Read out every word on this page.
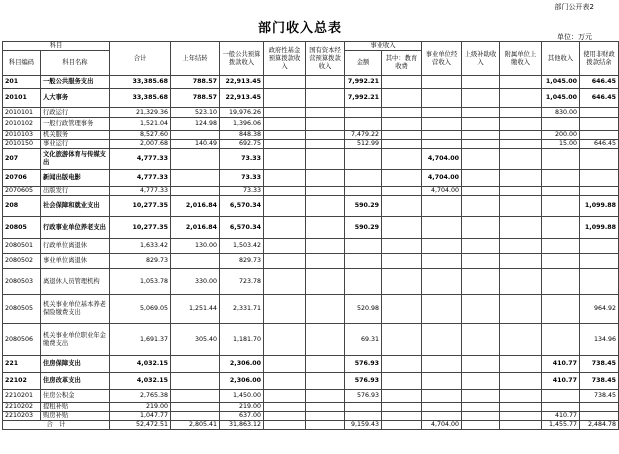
部门公开表2
部门收入总表
单位：万元
科目		合计	上年结转	一般公共预算拨款收入	政府性基金预算拨款收入	国有资本经营预算拨款收入	事业收入		事业单位经营收入	上级补助收入	附属单位上缴收入	其他收入	使用非财政拨款结余
科目编码	科目名称						金额	其中：教育收费					
201	一般公共服务支出	33,385.68	788.57	22,913.45			7,992.21					1,045.00	646.45
20101	人大事务	33,385.68	788.57	22,913.45			7,992.21					1,045.00	646.45
2010101	行政运行	21,329.36	523.10	19,976.26								830.00	
2010102	一般行政管理事务	1,521.04	124.98	1,396.06									
2010103	机关服务	8,527.60		848.38			7,479.22					200.00	
2010150	事业运行	2,007.68	140.49	692.75			512.99					15.00	646.45
207	文化旅游体育与传媒支出	4,777.33		73.33					4,704.00				
20706	新闻出版电影	4,777.33		73.33					4,704.00				
2070605	出版发行	4,777.33		73.33					4,704.00				
208	社会保障和就业支出	10,277.35	2,016.84	6,570.34			590.29						1,099.88
20805	行政事业单位养老支出	10,277.35	2,016.84	6,570.34			590.29						1,099.88
2080501	行政单位离退休	1,633.42	130.00	1,503.42									
2080502	事业单位离退休	829.73		829.73									
2080503	离退休人员管理机构	1,053.78	330.00	723.78									
2080505	机关事业单位基本养老保险缴费支出	5,069.05	1,251.44	2,331.71			520.98						964.92
2080506	机关事业单位职业年金缴费支出	1,691.37	305.40	1,181.70			69.31						134.96
221	住房保障支出	4,032.15		2,306.00			576.93					410.77	738.45
22102	住房改革支出	4,032.15		2,306.00			576.93					410.77	738.45
2210201	住房公积金	2,765.38		1,450.00			576.93						738.45
2210202	提租补贴	219.00		219.00									
2210203	购房补贴	1,047.77		637.00								410.77	
合　计		52,472.51	2,805.41	31,863.12			9,159.43		4,704.00			1,455.77	2,484.78
